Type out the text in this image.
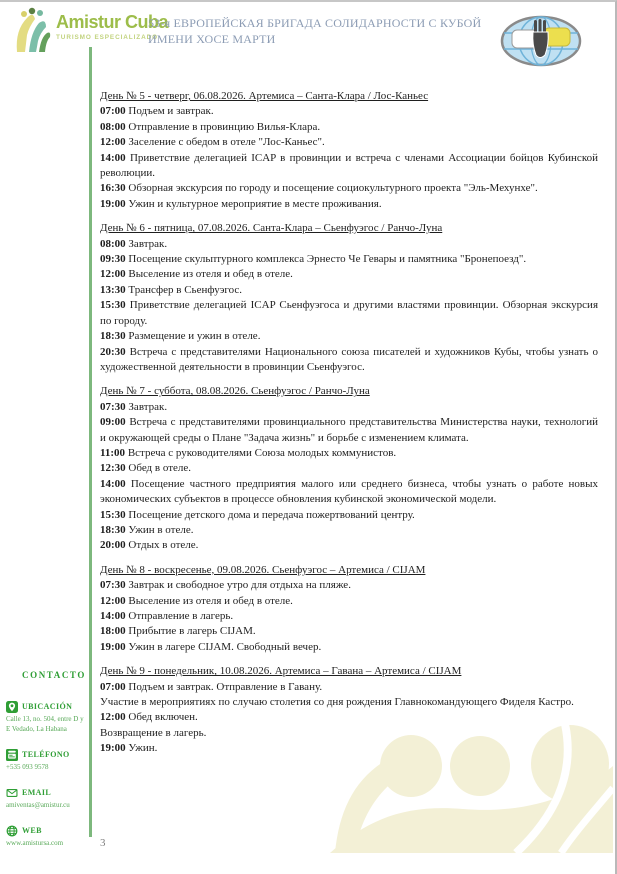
Amistur Cuba
TURISMO ESPECIALIZADO
53-я ЕВРОПЕЙСКАЯ БРИГАДА СОЛИДАРНОСТИ С КУБОЙ
ИМЕНИ ХОСЕ МАРТИ
CONTACTO
UBICACIÓN
Calle 13, no. 504, entre D y E Vedado, La Habana
TELÉFONO
+535 093 9578
EMAIL
amiventas@amistur.cu
WEB
www.amistursa.com
День № 5 - четверг, 06.08.2026. Артемиса – Санта-Клара / Лос-Каньес

07:00 Подъем и завтрак.

08:00 Отправление в провинцию Вилья-Клара.

12:00 Заселение с обедом в отеле "Лос-Каньес".

14:00 Приветствие делегацией ICAP в провинции и встреча с членами Ассоциации бойцов Кубинской революции.

16:30 Обзорная экскурсия по городу и посещение социокультурного проекта "Эль-Мехунхе".

19:00 Ужин и культурное мероприятие в месте проживания.

День № 6 - пятница, 07.08.2026. Санта-Клара – Сьенфуэгос / Ранчо-Луна

08:00 Завтрак.

09:30 Посещение скульптурного комплекса Эрнесто Че Гевары и памятника "Бронепоезд".

12:00 Выселение из отеля и обед в отеле.

13:30 Трансфер в Сьенфуэгос.

15:30 Приветствие делегацией ICAP Сьенфуэгоса и другими властями провинции. Обзорная экскурсия по городу.

18:30 Размещение и ужин в отеле.

20:30 Встреча с представителями Национального союза писателей и художников Кубы, чтобы узнать о художественной деятельности в провинции Сьенфуэгос.

День № 7 - суббота, 08.08.2026. Сьенфуэгос / Ранчо-Луна

07:30 Завтрак.

09:00 Встреча с представителями провинциального представительства Министерства науки, технологий и окружающей среды о Плане "Задача жизнь" и борьбе с изменением климата.

11:00 Встреча с руководителями Союза молодых коммунистов.

12:30 Обед в отеле.

14:00 Посещение частного предприятия малого или среднего бизнеса, чтобы узнать о работе новых экономических субъектов в процессе обновления кубинской экономической модели.

15:30 Посещение детского дома и передача пожертвований центру.

18:30 Ужин в отеле.

20:00 Отдых в отеле.

День № 8 - воскресенье, 09.08.2026. Сьенфуэгос – Артемиса / CIJAM

07:30 Завтрак и свободное утро для отдыха на пляже.

12:00 Выселение из отеля и обед в отеле.

14:00 Отправление в лагерь.

18:00 Прибытие в лагерь CIJAM.

19:00 Ужин в лагере CIJAM. Свободный вечер.

День № 9 - понедельник, 10.08.2026. Артемиса – Гавана – Артемиса / CIJAM

07:00 Подъем и завтрак. Отправление в Гавану.

Участие в мероприятиях по случаю столетия со дня рождения Главнокомандующего Фиделя Кастро.

12:00 Обед включен.

Возвращение в лагерь.

19:00 Ужин.

3
